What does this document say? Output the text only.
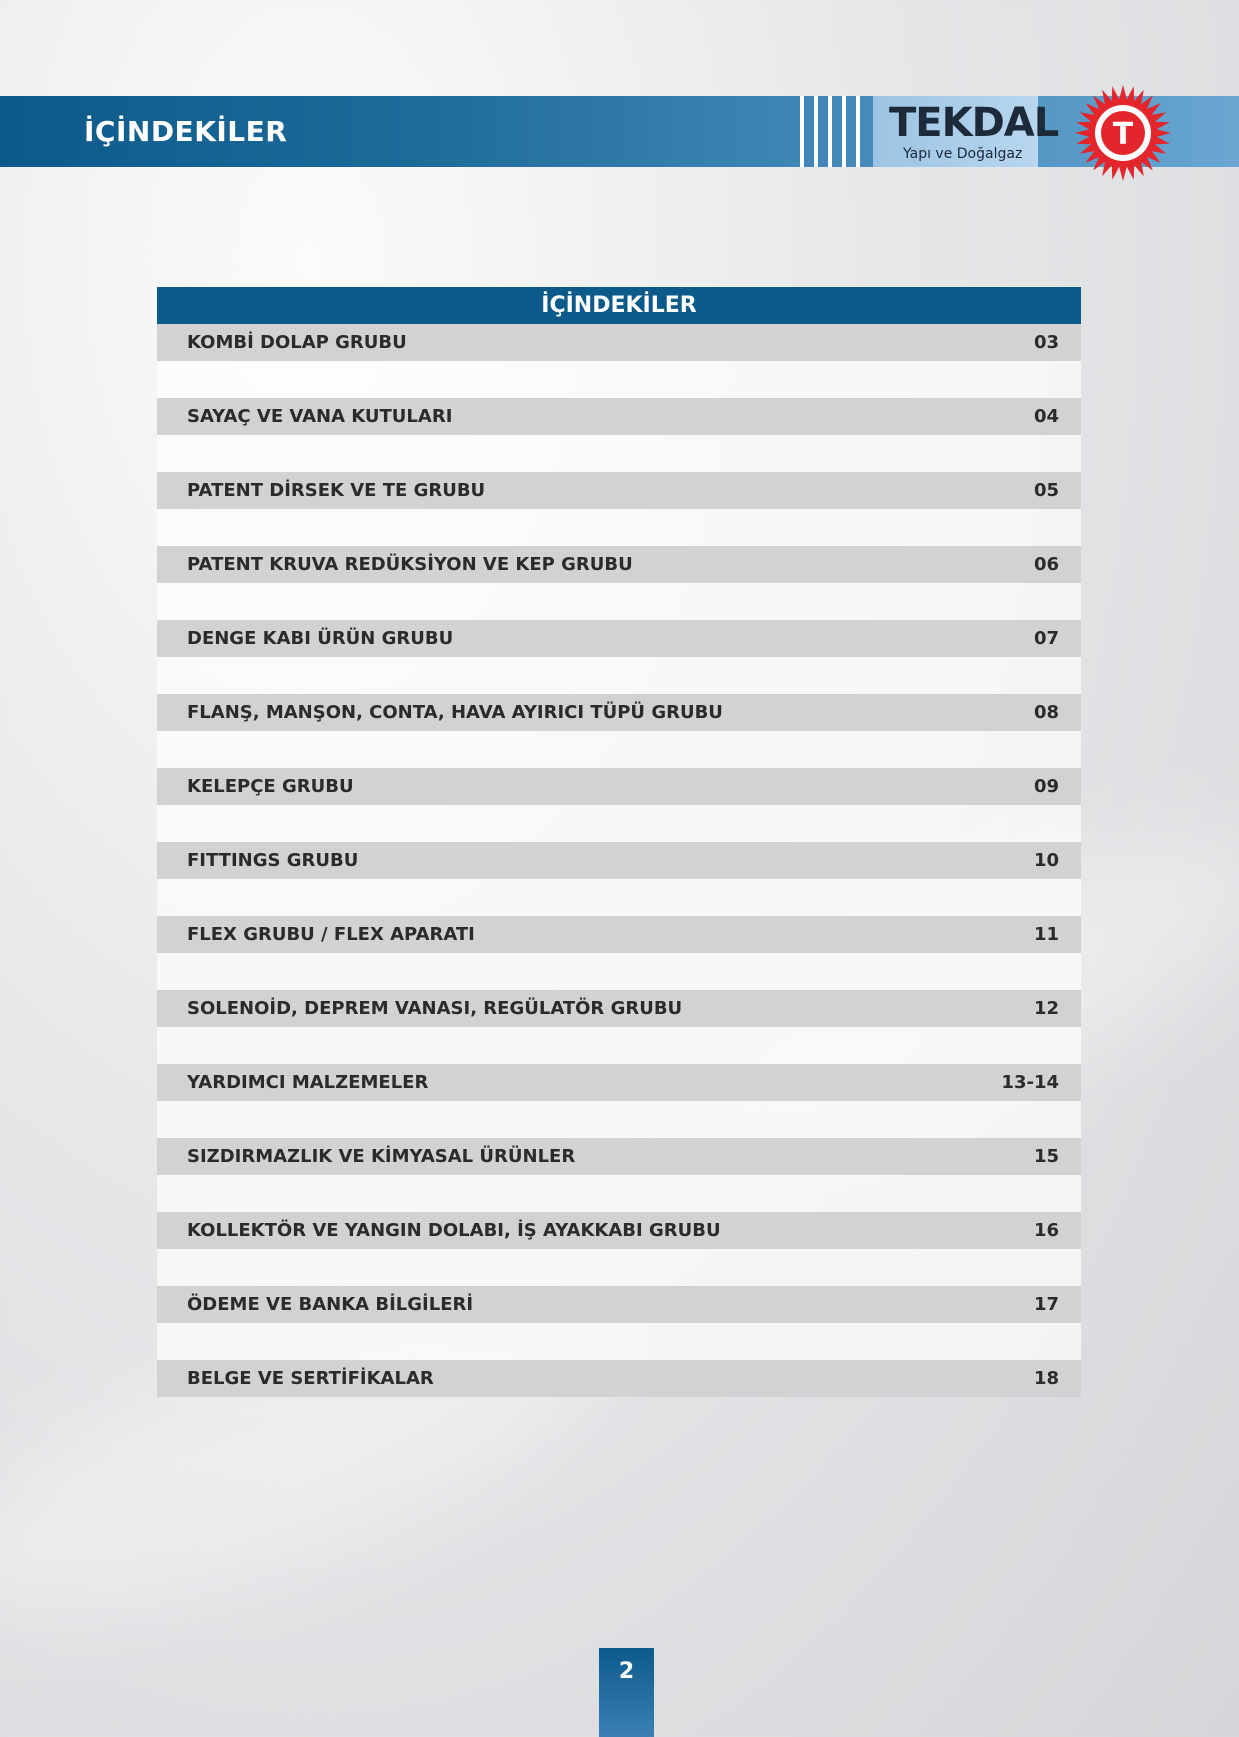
İÇİNDEKİLER	TEKDAL
Yapı ve Doğalgaz
T
İÇİNDEKİLER
KOMBİ DOLAP GRUBU	03
SAYAÇ VE VANA KUTULARI	04
PATENT DİRSEK VE TE GRUBU	05
PATENT KRUVA REDÜKSİYON VE KEP GRUBU	06
DENGE KABI ÜRÜN GRUBU	07
FLANŞ, MANŞON, CONTA, HAVA AYIRICI TÜPÜ GRUBU	08
KELEPÇE GRUBU	09
FITTINGS GRUBU	10
FLEX GRUBU / FLEX APARATI	11
SOLENOİD, DEPREM VANASI, REGÜLATÖR GRUBU	12
YARDIMCI MALZEMELER	13-14
SIZDIRMAZLIK VE KİMYASAL ÜRÜNLER	15
KOLLEKTÖR VE YANGIN DOLABI, İŞ AYAKKABI GRUBU	16
ÖDEME VE BANKA BİLGİLERİ	17
BELGE VE SERTİFİKALAR	18
2
